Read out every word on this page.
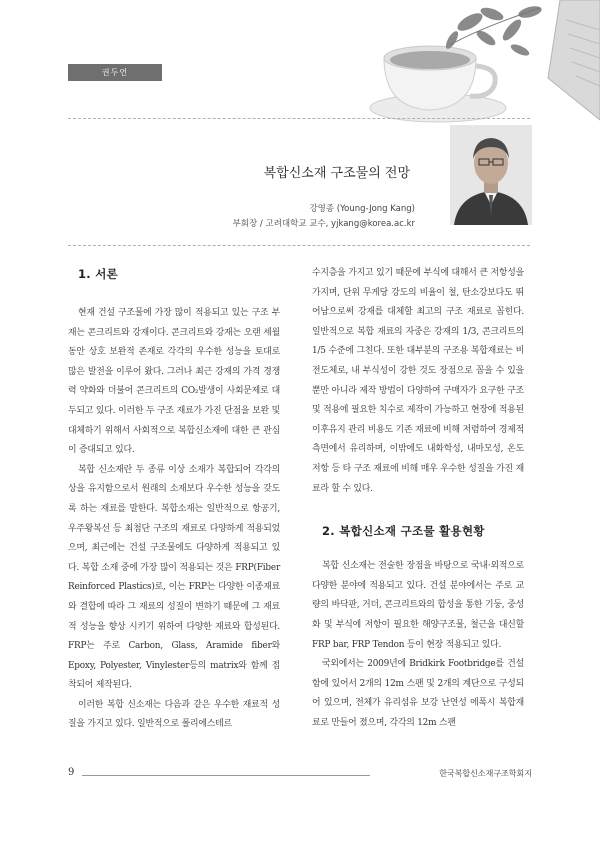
권두언
복합신소재 구조물의 전망
강영종 (Young-Jong Kang)
부회장 / 고려대학교 교수, yjkang@korea.ac.kr
1. 서론

현재 건설 구조물에 가장 많이 적용되고 있는 구조 부재는 콘크리트와 강재이다. 콘크리트와 강재는 오랜 세월동안 상호 보완적 존재로 각각의 우수한 성능을 토대로 많은 발전을 이루어 왔다. 그러나 최근 강재의 가격 경쟁력 약화와 더불어 콘크리트의 CO₂발생이 사회문제로 대두되고 있다. 이러한 두 구조 재료가 가진 단점을 보완 및 대체하기 위해서 사회적으로 복합신소재에 대한 큰 관심이 증대되고 있다.

복합 신소재란 두 종류 이상 소재가 복합되어 각각의 상을 유지함으로서 원래의 소재보다 우수한 성능을 갖도록 하는 재료를 말한다. 복합소재는 일반적으로 항공기, 우주왕복선 등 최첨단 구조의 재료로 다양하게 적용되었으며, 최근에는 건설 구조물에도 다양하게 적용되고 있다. 복합 소재 중에 가장 많이 적용되는 것은 FRP(Fiber Reinforced Plastics)로, 이는 FRP는 다양한 이종재료와 결합에 따라 그 재료의 성질이 변하기 때문에 그 재료적 성능을 향상 시키기 위하여 다양한 재료와 합성된다. FRP는 주로 Carbon, Glass, Aramide fiber와 Epoxy, Polyester, Vinylester등의 matrix와 함께 접착되어 제작된다.

이러한 복합 신소재는 다음과 같은 우수한 재료적 성질을 가지고 있다. 일반적으로 폴리에스테르

수지층을 가지고 있기 때문에 부식에 대해서 큰 저항성을 가지며, 단위 무게당 강도의 비율이 철, 탄소강보다도 뛰어남으로써 강재를 대체할 최고의 구조 재료로 꼽힌다. 일반적으로 복합 재료의 자중은 강재의 1/3, 콘크리트의 1/5 수준에 그친다. 또한 대부분의 구조용 복합재료는 비전도체로, 내 부식성이 강한 것도 장점으로 꼽을 수 있을 뿐만 아니라 제작 방법이 다양하여 구매자가 요구한 구조 및 적용에 필요한 치수로 제작이 가능하고 현장에 적용된 이후유지 관리 비용도 기존 재료에 비해 저렴하여 경제적 측면에서 유리하며, 이밖에도 내화학성, 내마모성, 온도 저항 등 타 구조 재료에 비해 매우 우수한 성질을 가진 재료라 할 수 있다.

2. 복합신소재 구조물 활용현황

복합 신소재는 전술한 장점을 바탕으로 국내·외적으로 다양한 분야에 적용되고 있다. 건설 분야에서는 주로 교량의 바닥판, 거더, 콘크리트와의 합성을 통한 기둥, 중성화 및 부식에 저항이 필요한 해양구조물, 철근을 대신할 FRP bar, FRP Tendon 등이 현장 적용되고 있다.

국외에서는 2009년에 Bridkirk Footbridge를 건설함에 있어서 2개의 12m 스팬 및 2개의 계단으로 구성되어 있으며, 전체가 유리섬유 보강 난연성 에폭시 복합재료로 만들어 졌으며, 각각의 12m 스팬

9	한국복합신소재구조학회지
